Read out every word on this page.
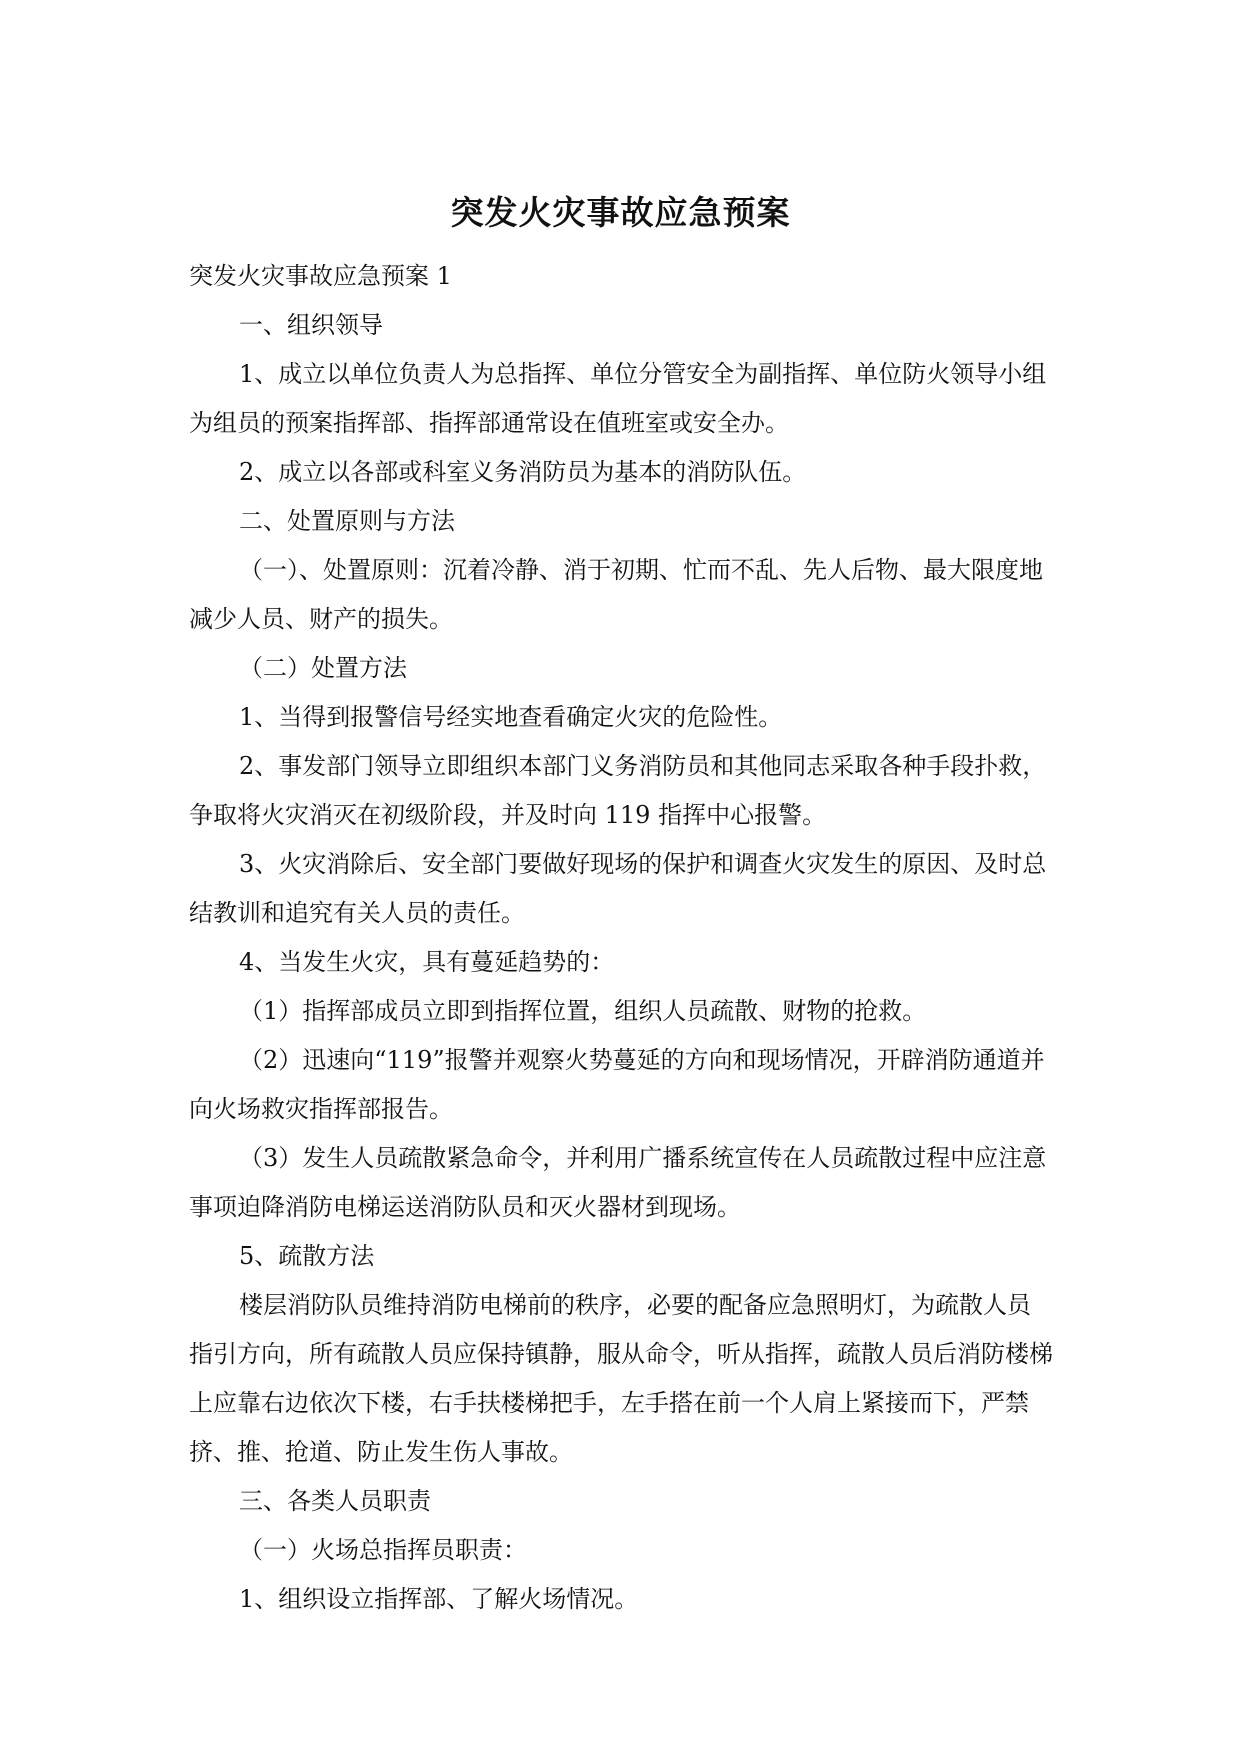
突发火灾事故应急预案

突发火灾事故应急预案 1

一、组织领导

1、成立以单位负责人为总指挥、单位分管安全为副指挥、单位防火领导小组为组员的预案指挥部、指挥部通常设在值班室或安全办。

2、成立以各部或科室义务消防员为基本的消防队伍。

二、处置原则与方法

（一）、处置原则：沉着冷静、消于初期、忙而不乱、先人后物、最大限度地减少人员、财产的损失。

（二）处置方法

1、当得到报警信号经实地查看确定火灾的危险性。

2、事发部门领导立即组织本部门义务消防员和其他同志采取各种手段扑救，争取将火灾消灭在初级阶段，并及时向 119 指挥中心报警。

3、火灾消除后、安全部门要做好现场的保护和调查火灾发生的原因、及时总结教训和追究有关人员的责任。

4、当发生火灾，具有蔓延趋势的：

（1）指挥部成员立即到指挥位置，组织人员疏散、财物的抢救。

（2）迅速向“119”报警并观察火势蔓延的方向和现场情况，开辟消防通道并向火场救灾指挥部报告。

（3）发生人员疏散紧急命令，并利用广播系统宣传在人员疏散过程中应注意事项迫降消防电梯运送消防队员和灭火器材到现场。

5、疏散方法

楼层消防队员维持消防电梯前的秩序，必要的配备应急照明灯，为疏散人员指引方向，所有疏散人员应保持镇静，服从命令，听从指挥，疏散人员后消防楼梯上应靠右边依次下楼，右手扶楼梯把手，左手搭在前一个人肩上紧接而下，严禁挤、推、抢道、防止发生伤人事故。

三、各类人员职责

（一）火场总指挥员职责：

1、组织设立指挥部、了解火场情况。
